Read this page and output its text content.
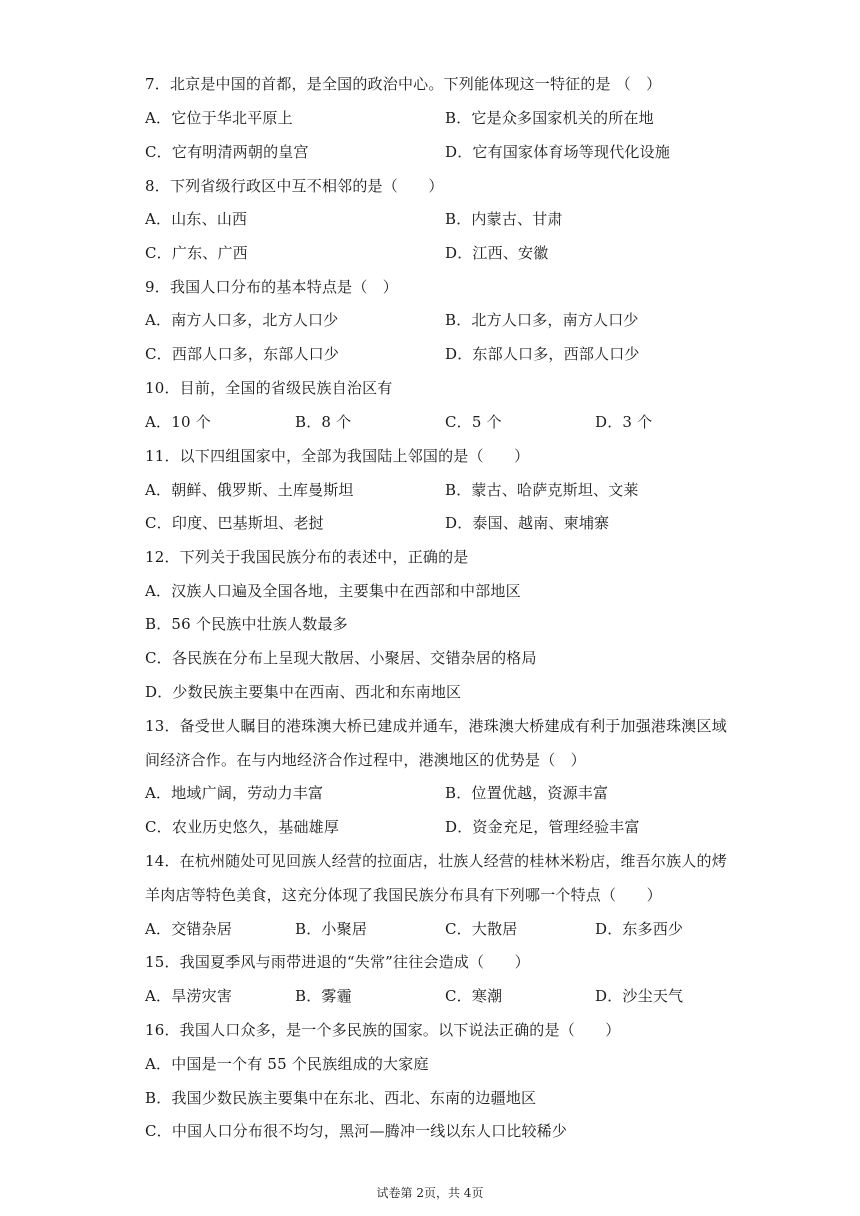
7．北京是中国的首都，是全国的政治中心。下列能体现这一特征的是 （　）
A．它位于华北平原上	B．它是众多国家机关的所在地
C．它有明清两朝的皇宫	D．它有国家体育场等现代化设施
8．下列省级行政区中互不相邻的是（　　）
A．山东、山西	B．内蒙古、甘肃
C．广东、广西	D．江西、安徽
9．我国人口分布的基本特点是（　）
A．南方人口多，北方人口少	B．北方人口多，南方人口少
C．西部人口多，东部人口少	D．东部人口多，西部人口少
10．目前，全国的省级民族自治区有
A．10 个	B．8 个	C．5 个	D．3 个
11．以下四组国家中，全部为我国陆上邻国的是（　　）
A．朝鲜、俄罗斯、土库曼斯坦	B．蒙古、哈萨克斯坦、文莱
C．印度、巴基斯坦、老挝	D．泰国、越南、柬埔寨
12．下列关于我国民族分布的表述中，正确的是
A．汉族人口遍及全国各地，主要集中在西部和中部地区
B．56 个民族中壮族人数最多
C．各民族在分布上呈现大散居、小聚居、交错杂居的格局
D．少数民族主要集中在西南、西北和东南地区
13．备受世人瞩目的港珠澳大桥已建成并通车，港珠澳大桥建成有利于加强港珠澳区域
间经济合作。在与内地经济合作过程中，港澳地区的优势是（　）
A．地域广阔，劳动力丰富	B．位置优越，资源丰富
C．农业历史悠久，基础雄厚	D．资金充足，管理经验丰富
14．在杭州随处可见回族人经营的拉面店，壮族人经营的桂林米粉店，维吾尔族人的烤
羊肉店等特色美食，这充分体现了我国民族分布具有下列哪一个特点（　　）
A．交错杂居	B．小聚居	C．大散居	D．东多西少
15．我国夏季风与雨带进退的“失常”往往会造成（　　）
A．旱涝灾害	B．雾霾	C．寒潮	D．沙尘天气
16．我国人口众多，是一个多民族的国家。以下说法正确的是（　　）
A．中国是一个有 55 个民族组成的大家庭
B．我国少数民族主要集中在东北、西北、东南的边疆地区
C．中国人口分布很不均匀，黑河—腾冲一线以东人口比较稀少
试卷第 2页，共 4页
